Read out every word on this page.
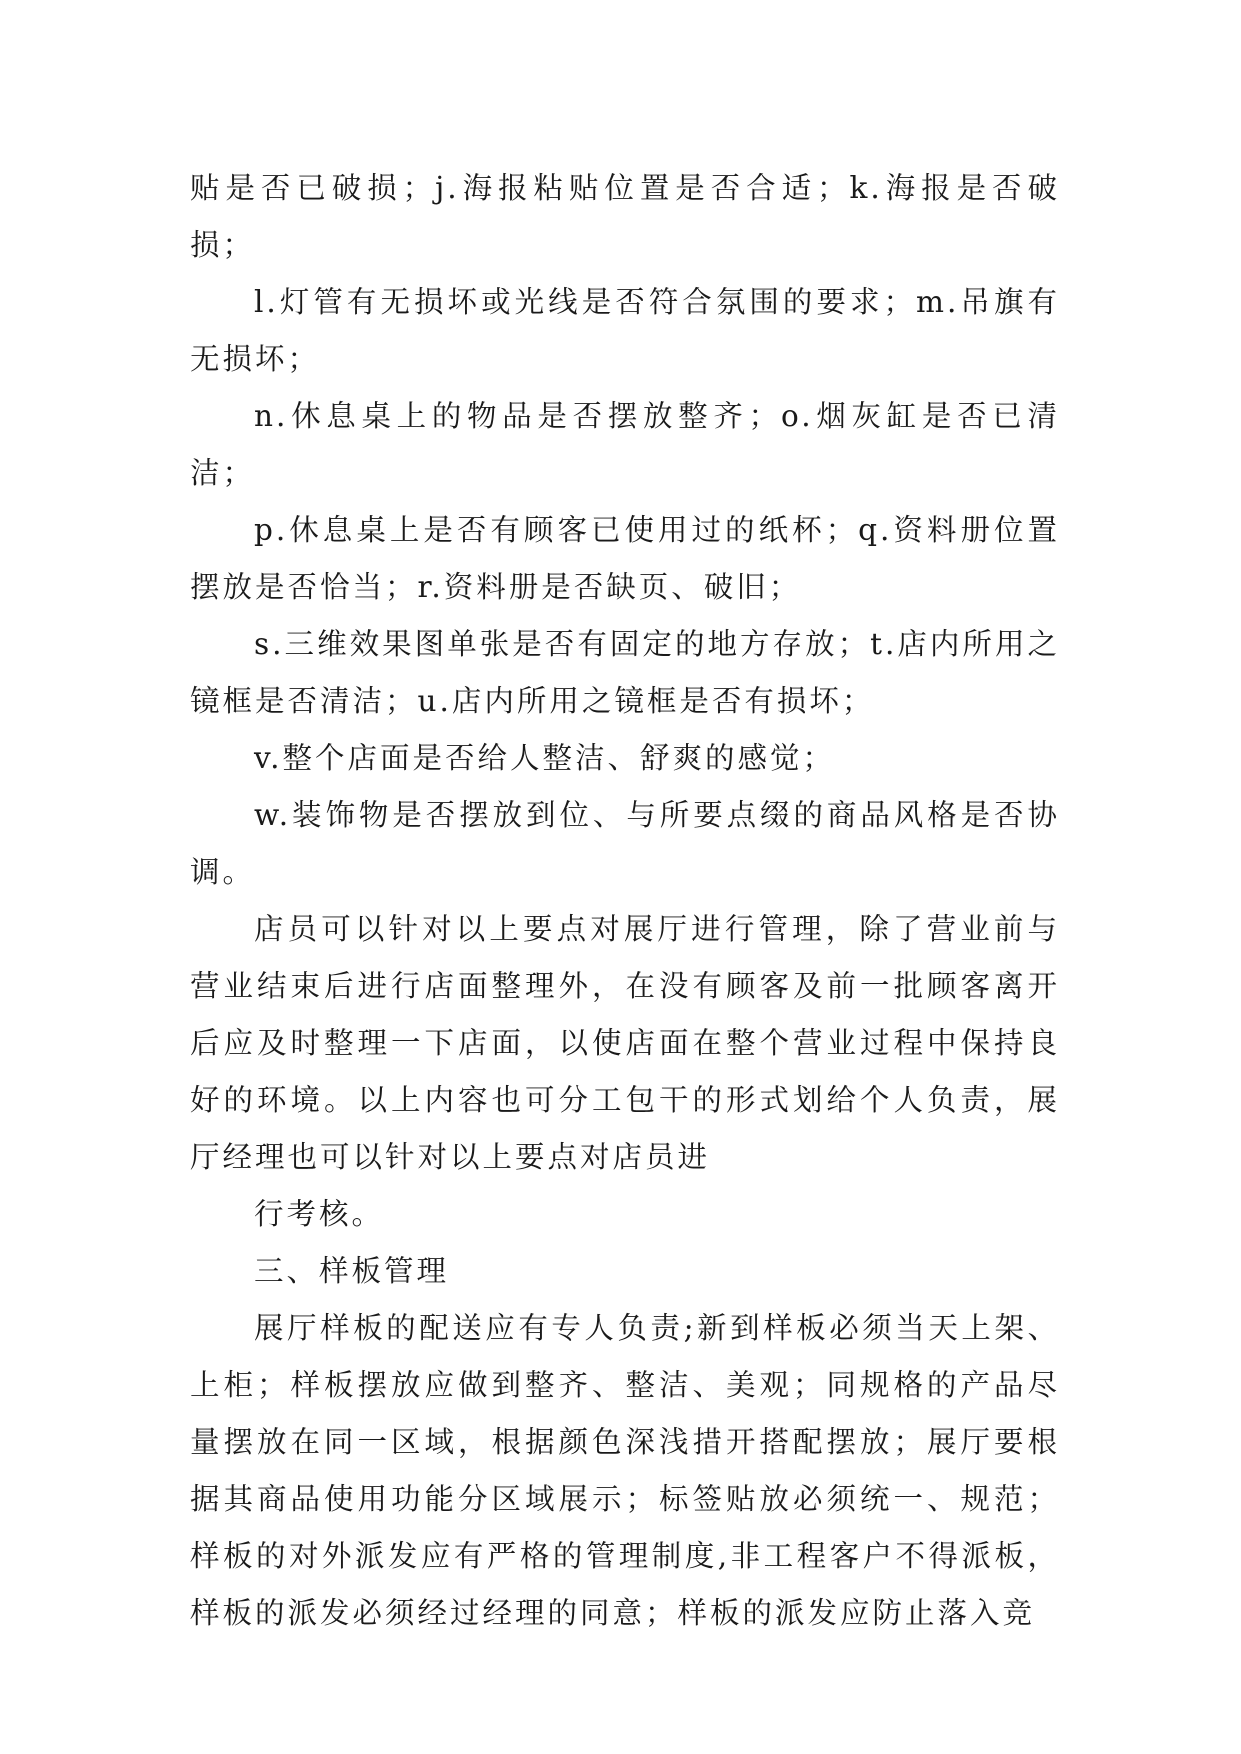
贴是否已破损；j.海报粘贴位置是否合适；k.海报是否破损；

l.灯管有无损坏或光线是否符合氛围的要求；m.吊旗有无损坏；

n.休息桌上的物品是否摆放整齐；o.烟灰缸是否已清洁；

p.休息桌上是否有顾客已使用过的纸杯；q.资料册位置摆放是否恰当；r.资料册是否缺页、破旧；

s.三维效果图单张是否有固定的地方存放；t.店内所用之镜框是否清洁；u.店内所用之镜框是否有损坏；

v.整个店面是否给人整洁、舒爽的感觉；

w.装饰物是否摆放到位、与所要点缀的商品风格是否协调。

店员可以针对以上要点对展厅进行管理，除了营业前与营业结束后进行店面整理外，在没有顾客及前一批顾客离开后应及时整理一下店面，以使店面在整个营业过程中保持良好的环境。以上内容也可分工包干的形式划给个人负责，展厅经理也可以针对以上要点对店员进

行考核。

三、样板管理

展厅样板的配送应有专人负责;新到样板必须当天上架、上柜；样板摆放应做到整齐、整洁、美观；同规格的产品尽量摆放在同一区域，根据颜色深浅措开搭配摆放；展厅要根据其商品使用功能分区域展示；标签贴放必须统一、规范；样板的对外派发应有严格的管理制度,非工程客户不得派板，样板的派发必须经过经理的同意；样板的派发应防止落入竞
